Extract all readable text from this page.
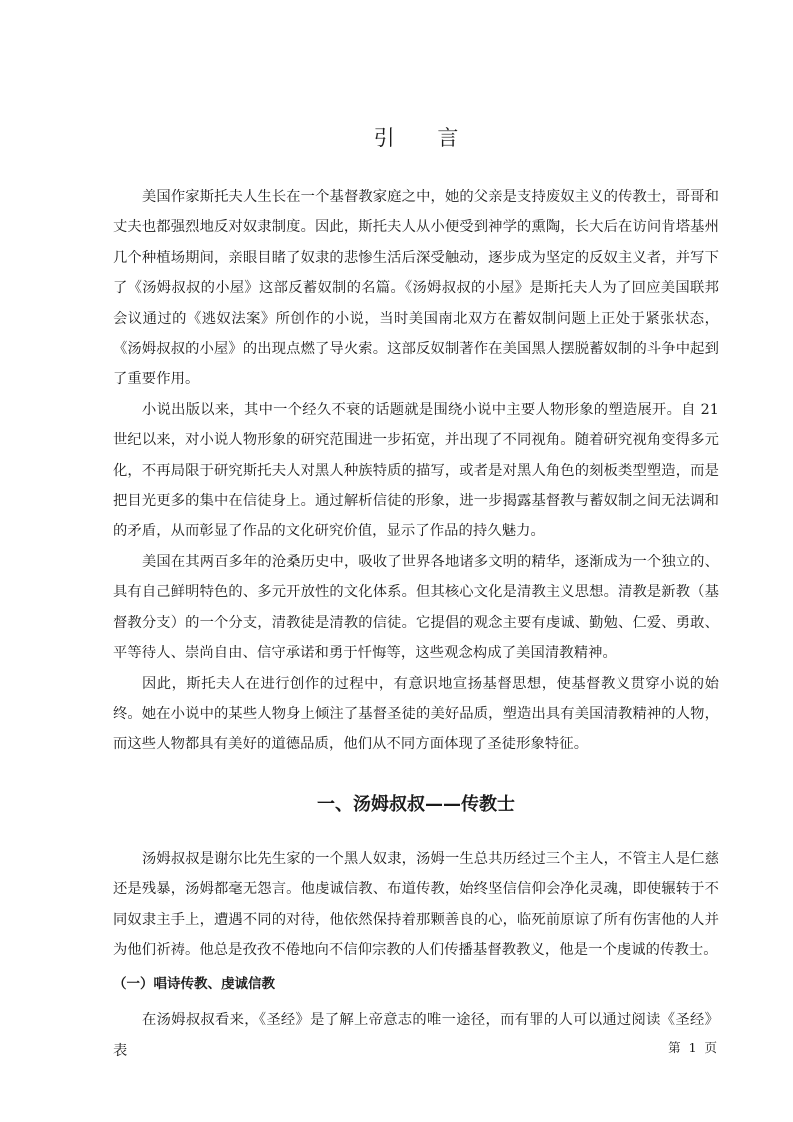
引 言

美国作家斯托夫人生长在一个基督教家庭之中，她的父亲是支持废奴主义的传教士，哥哥和丈夫也都强烈地反对奴隶制度。因此，斯托夫人从小便受到神学的熏陶，长大后在访问肯塔基州几个种植场期间，亲眼目睹了奴隶的悲惨生活后深受触动，逐步成为坚定的反奴主义者，并写下了《汤姆叔叔的小屋》这部反蓄奴制的名篇。《汤姆叔叔的小屋》是斯托夫人为了回应美国联邦会议通过的《逃奴法案》所创作的小说，当时美国南北双方在蓄奴制问题上正处于紧张状态，《汤姆叔叔的小屋》的出现点燃了导火索。这部反奴制著作在美国黑人摆脱蓄奴制的斗争中起到了重要作用。

小说出版以来，其中一个经久不衰的话题就是围绕小说中主要人物形象的塑造展开。自 21 世纪以来，对小说人物形象的研究范围进一步拓宽，并出现了不同视角。随着研究视角变得多元化，不再局限于研究斯托夫人对黑人种族特质的描写，或者是对黑人角色的刻板类型塑造，而是把目光更多的集中在信徒身上。通过解析信徒的形象，进一步揭露基督教与蓄奴制之间无法调和的矛盾，从而彰显了作品的文化研究价值，显示了作品的持久魅力。

美国在其两百多年的沧桑历史中，吸收了世界各地诸多文明的精华，逐渐成为一个独立的、具有自己鲜明特色的、多元开放性的文化体系。但其核心文化是清教主义思想。清教是新教（基督教分支）的一个分支，清教徒是清教的信徒。它提倡的观念主要有虔诚、勤勉、仁爱、勇敢、平等待人、崇尚自由、信守承诺和勇于忏悔等，这些观念构成了美国清教精神。

因此，斯托夫人在进行创作的过程中，有意识地宣扬基督思想，使基督教义贯穿小说的始终。她在小说中的某些人物身上倾注了基督圣徒的美好品质，塑造出具有美国清教精神的人物，而这些人物都具有美好的道德品质，他们从不同方面体现了圣徒形象特征。

一、汤姆叔叔——传教士

汤姆叔叔是谢尔比先生家的一个黑人奴隶，汤姆一生总共历经过三个主人，不管主人是仁慈还是残暴，汤姆都毫无怨言。他虔诚信教、布道传教，始终坚信信仰会净化灵魂，即使辗转于不同奴隶主手上，遭遇不同的对待，他依然保持着那颗善良的心，临死前原谅了所有伤害他的人并为他们祈祷。他总是孜孜不倦地向不信仰宗教的人们传播基督教教义，他是一个虔诚的传教士。

（一）唱诗传教、虔诚信教

在汤姆叔叔看来，《圣经》是了解上帝意志的唯一途径，而有罪的人可以通过阅读《圣经》表	第 1 页
